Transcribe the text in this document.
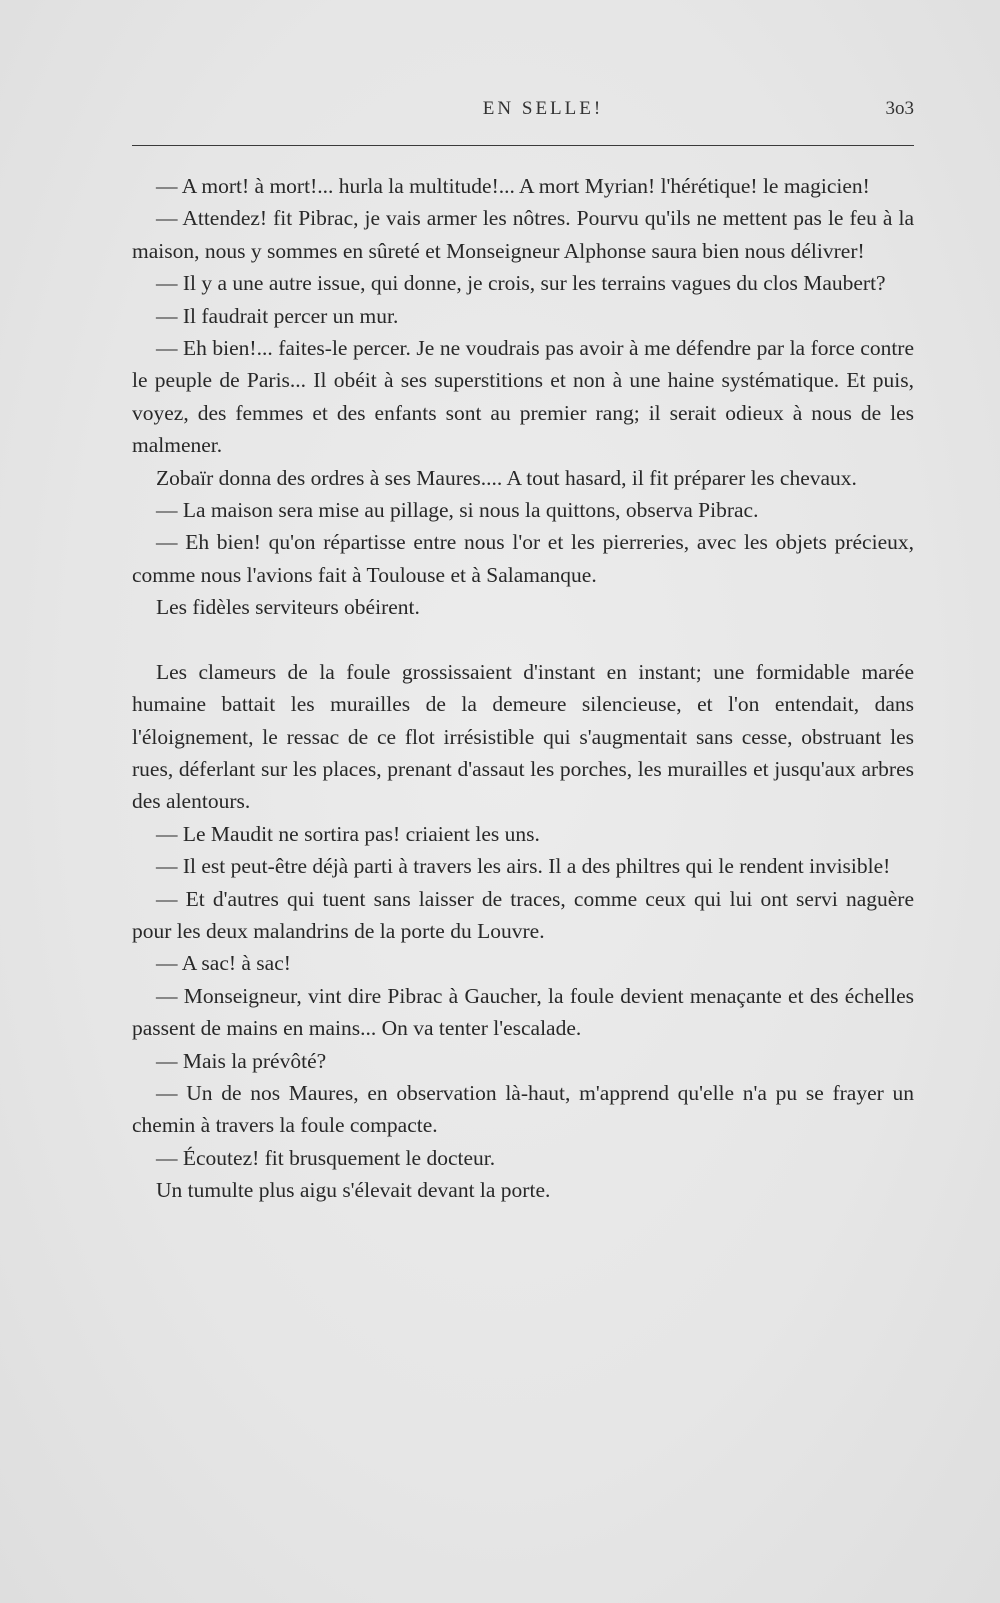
EN SELLE!	3o3

— A mort! à mort!... hurla la multitude!... A mort Myrian! l'hérétique! le magicien!

— Attendez! fit Pibrac, je vais armer les nôtres. Pourvu qu'ils ne mettent pas le feu à la maison, nous y sommes en sûreté et Monseigneur Alphonse saura bien nous délivrer!

— Il y a une autre issue, qui donne, je crois, sur les terrains vagues du clos Maubert?

— Il faudrait percer un mur.

— Eh bien!... faites-le percer. Je ne voudrais pas avoir à me défendre par la force contre le peuple de Paris... Il obéit à ses superstitions et non à une haine systématique. Et puis, voyez, des femmes et des enfants sont au premier rang; il serait odieux à nous de les malmener.

Zobaïr donna des ordres à ses Maures.... A tout hasard, il fit préparer les chevaux.

— La maison sera mise au pillage, si nous la quittons, observa Pibrac.

— Eh bien! qu'on répartisse entre nous l'or et les pierreries, avec les objets précieux, comme nous l'avions fait à Toulouse et à Salamanque.

Les fidèles serviteurs obéirent.

Les clameurs de la foule grossissaient d'instant en instant; une formidable marée humaine battait les murailles de la demeure silencieuse, et l'on entendait, dans l'éloignement, le ressac de ce flot irrésistible qui s'augmentait sans cesse, obstruant les rues, déferlant sur les places, prenant d'assaut les porches, les murailles et jusqu'aux arbres des alentours.

— Le Maudit ne sortira pas! criaient les uns.

— Il est peut-être déjà parti à travers les airs. Il a des philtres qui le rendent invisible!

— Et d'autres qui tuent sans laisser de traces, comme ceux qui lui ont servi naguère pour les deux malandrins de la porte du Louvre.

— A sac! à sac!

— Monseigneur, vint dire Pibrac à Gaucher, la foule devient menaçante et des échelles passent de mains en mains... On va tenter l'escalade.

— Mais la prévôté?

— Un de nos Maures, en observation là-haut, m'apprend qu'elle n'a pu se frayer un chemin à travers la foule compacte.

— Écoutez! fit brusquement le docteur.

Un tumulte plus aigu s'élevait devant la porte.
